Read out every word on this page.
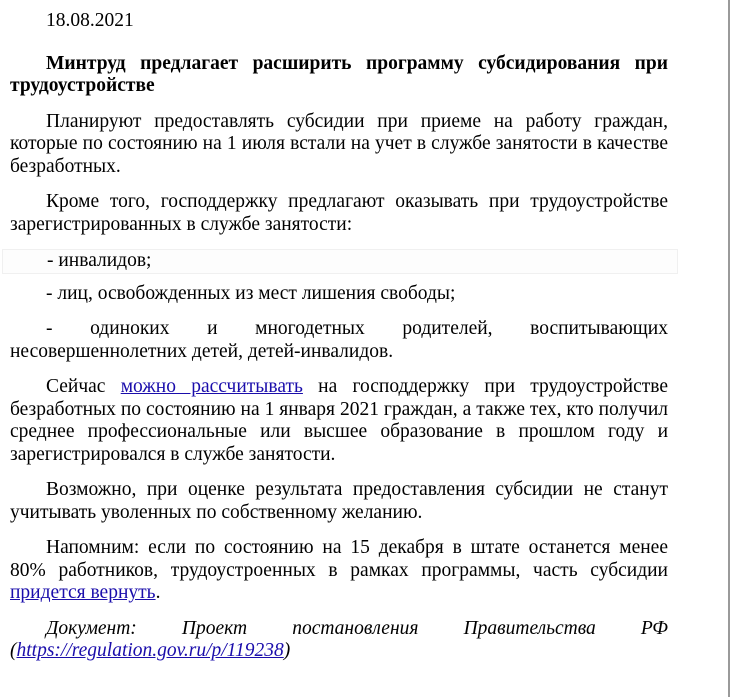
18.08.2021

Минтруд предлагает расширить программу субсидирования при трудоустройстве

Планируют предоставлять субсидии при приеме на работу граждан, которые по состоянию на 1 июля встали на учет в службе занятости в качестве безработных.

Кроме того, господдержку предлагают оказывать при трудоустройстве зарегистрированных в службе занятости:

- инвалидов;

- лиц, освобожденных из мест лишения свободы;

- одиноких и многодетных родителей, воспитывающих несовершеннолетних детей, детей-инвалидов.

Сейчас можно рассчитывать на господдержку при трудоустройстве безработных по состоянию на 1 января 2021 граждан, а также тех, кто получил среднее профессиональные или высшее образование в прошлом году и зарегистрировался в службе занятости.

Возможно, при оценке результата предоставления субсидии не станут учитывать уволенных по собственному желанию.

Напомним: если по состоянию на 15 декабря в штате останется менее 80% работников, трудоустроенных в рамках программы, часть субсидии придется вернуть.

Документ: Проект постановления Правительства РФ

(https://regulation.gov.ru/p/119238)
